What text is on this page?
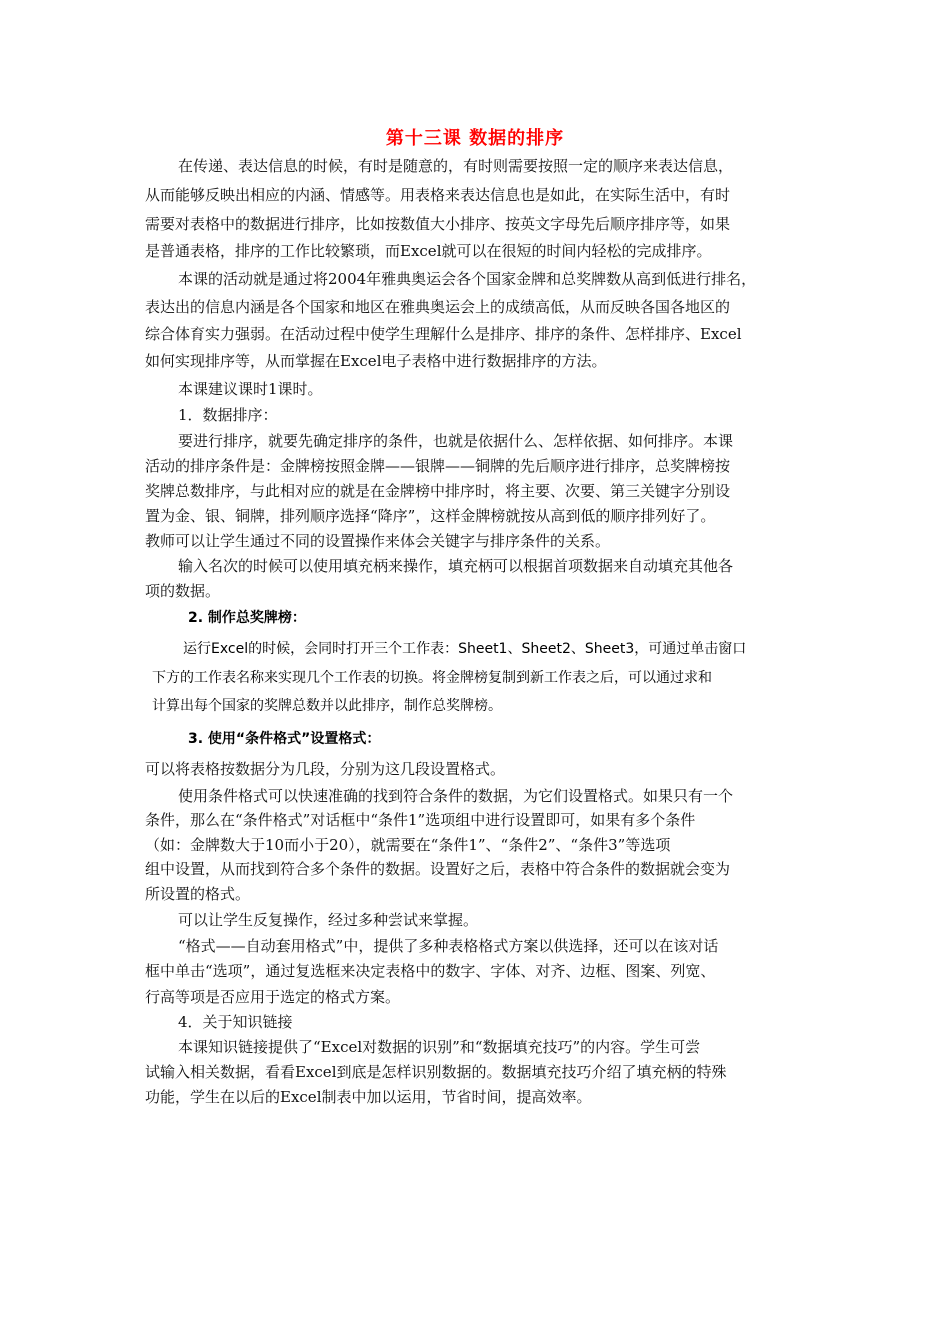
第十三课 数据的排序
在传递、表达信息的时候，有时是随意的，有时则需要按照一定的顺序来表达信息，
从而能够反映出相应的内涵、情感等。用表格来表达信息也是如此，在实际生活中，有时
需要对表格中的数据进行排序，比如按数值大小排序、按英文字母先后顺序排序等，如果
是普通表格，排序的工作比较繁琐，而Excel就可以在很短的时间内轻松的完成排序。
本课的活动就是通过将2004年雅典奥运会各个国家金牌和总奖牌数从高到低进行排名，
表达出的信息内涵是各个国家和地区在雅典奥运会上的成绩高低，从而反映各国各地区的
综合体育实力强弱。在活动过程中使学生理解什么是排序、排序的条件、怎样排序、Excel
如何实现排序等，从而掌握在Excel电子表格中进行数据排序的方法。
本课建议课时1课时。
1．数据排序：
要进行排序，就要先确定排序的条件，也就是依据什么、怎样依据、如何排序。本课
活动的排序条件是：金牌榜按照金牌——银牌——铜牌的先后顺序进行排序，总奖牌榜按
奖牌总数排序，与此相对应的就是在金牌榜中排序时，将主要、次要、第三关键字分别设
置为金、银、铜牌，排列顺序选择“降序”，这样金牌榜就按从高到低的顺序排列好了。
教师可以让学生通过不同的设置操作来体会关键字与排序条件的关系。
输入名次的时候可以使用填充柄来操作，填充柄可以根据首项数据来自动填充其他各
项的数据。
2. 制作总奖牌榜：
运行Excel的时候，会同时打开三个工作表：Sheet1、Sheet2、Sheet3，可通过单击窗口
下方的工作表名称来实现几个工作表的切换。将金牌榜复制到新工作表之后，可以通过求和
计算出每个国家的奖牌总数并以此排序，制作总奖牌榜。
3. 使用“条件格式”设置格式：
可以将表格按数据分为几段，分别为这几段设置格式。
使用条件格式可以快速准确的找到符合条件的数据，为它们设置格式。如果只有一个
条件，那么在“条件格式”对话框中“条件1”选项组中进行设置即可，如果有多个条件
（如：金牌数大于10而小于20），就需要在“条件1”、“条件2”、“条件3”等选项
组中设置，从而找到符合多个条件的数据。设置好之后，表格中符合条件的数据就会变为
所设置的格式。
可以让学生反复操作，经过多种尝试来掌握。
“格式——自动套用格式”中，提供了多种表格格式方案以供选择，还可以在该对话
框中单击“选项”，通过复选框来决定表格中的数字、字体、对齐、边框、图案、列宽、
行高等项是否应用于选定的格式方案。
4．关于知识链接
本课知识链接提供了“Excel对数据的识别”和“数据填充技巧”的内容。学生可尝
试输入相关数据，看看Excel到底是怎样识别数据的。数据填充技巧介绍了填充柄的特殊
功能，学生在以后的Excel制表中加以运用，节省时间，提高效率。
